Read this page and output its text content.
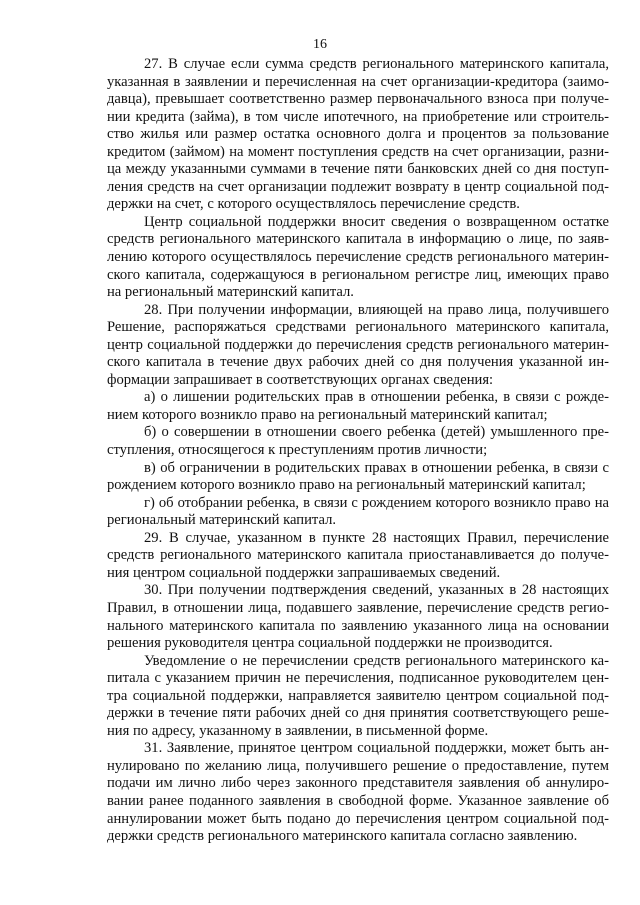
16
27. В случае если сумма средств регионального материнского капитала,
указанная в заявлении и перечисленная на счет организации-кредитора (заимо-
давца), превышает соответственно размер первоначального взноса при получе-
нии кредита (займа), в том числе ипотечного, на приобретение или строитель-
ство жилья или размер остатка основного долга и процентов за пользование
кредитом (займом) на момент поступления средств на счет организации, разни-
ца между указанными суммами в течение пяти банковских дней со дня поступ-
ления средств на счет организации подлежит возврату в центр социальной под-
держки на счет, с которого осуществлялось перечисление средств.
Центр социальной поддержки вносит сведения о возвращенном остатке
средств регионального материнского капитала в информацию о лице, по заяв-
лению которого осуществлялось перечисление средств регионального материн-
ского капитала, содержащуюся в региональном регистре лиц, имеющих право
на региональный материнский капитал.
28. При получении информации, влияющей на право лица, получившего
Решение, распоряжаться средствами регионального материнского капитала,
центр социальной поддержки до перечисления средств регионального материн-
ского капитала в течение двух рабочих дней со дня получения указанной ин-
формации запрашивает в соответствующих органах сведения:
а) о лишении родительских прав в отношении ребенка, в связи с рожде-
нием которого возникло право на региональный материнский капитал;
б) о совершении в отношении своего ребенка (детей) умышленного пре-
ступления, относящегося к преступлениям против личности;
в) об ограничении в родительских правах в отношении ребенка, в связи с
рождением которого возникло право на региональный материнский капитал;
г) об отобрании ребенка, в связи с рождением которого возникло право на
региональный материнский капитал.
29. В случае, указанном в пункте 28 настоящих Правил, перечисление
средств регионального материнского капитала приостанавливается до получе-
ния центром социальной поддержки запрашиваемых сведений.
30. При получении подтверждения сведений, указанных в 28 настоящих
Правил, в отношении лица, подавшего заявление, перечисление средств регио-
нального материнского капитала по заявлению указанного лица на основании
решения руководителя центра социальной поддержки не производится.
Уведомление о не перечислении средств регионального материнского ка-
питала с указанием причин не перечисления, подписанное руководителем цен-
тра социальной поддержки, направляется заявителю центром социальной под-
держки в течение пяти рабочих дней со дня принятия соответствующего реше-
ния по адресу, указанному в заявлении, в письменной форме.
31. Заявление, принятое центром социальной поддержки, может быть ан-
нулировано по желанию лица, получившего решение о предоставление, путем
подачи им лично либо через законного представителя заявления об аннулиро-
вании ранее поданного заявления в свободной форме. Указанное заявление об
аннулировании может быть подано до перечисления центром социальной под-
держки средств регионального материнского капитала согласно заявлению.
